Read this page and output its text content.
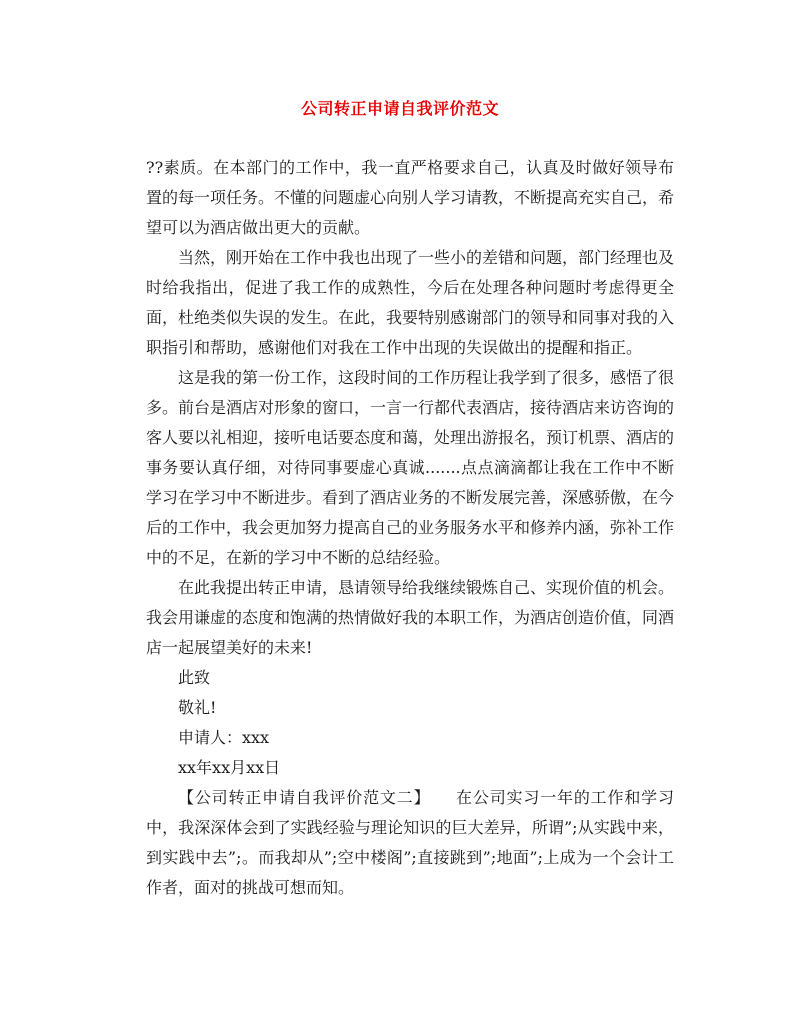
公司转正申请自我评价范文

??素质。在本部门的工作中，我一直严格要求自己，认真及时做好领导布置的每一项任务。不懂的问题虚心向别人学习请教，不断提高充实自己，希望可以为酒店做出更大的贡献。

当然，刚开始在工作中我也出现了一些小的差错和问题，部门经理也及时给我指出，促进了我工作的成熟性，今后在处理各种问题时考虑得更全面，杜绝类似失误的发生。在此，我要特别感谢部门的领导和同事对我的入职指引和帮助，感谢他们对我在工作中出现的失误做出的提醒和指正。

这是我的第一份工作，这段时间的工作历程让我学到了很多，感悟了很多。前台是酒店对形象的窗口，一言一行都代表酒店，接待酒店来访咨询的客人要以礼相迎，接听电话要态度和蔼，处理出游报名，预订机票、酒店的事务要认真仔细，对待同事要虚心真诚.......点点滴滴都让我在工作中不断学习在学习中不断进步。看到了酒店业务的不断发展完善，深感骄傲，在今后的工作中，我会更加努力提高自己的业务服务水平和修养内涵，弥补工作中的不足，在新的学习中不断的总结经验。

在此我提出转正申请，恳请领导给我继续锻炼自己、实现价值的机会。我会用谦虚的态度和饱满的热情做好我的本职工作，为酒店创造价值，同酒店一起展望美好的未来!

此致

敬礼!

申请人：xxx

xx年xx月xx日

【公司转正申请自我评价范文二】　　在公司实习一年的工作和学习中，我深深体会到了实践经验与理论知识的巨大差异，所谓”;从实践中来，到实践中去”;。而我却从”;空中楼阁”;直接跳到”;地面”;上成为一个会计工作者，面对的挑战可想而知。
